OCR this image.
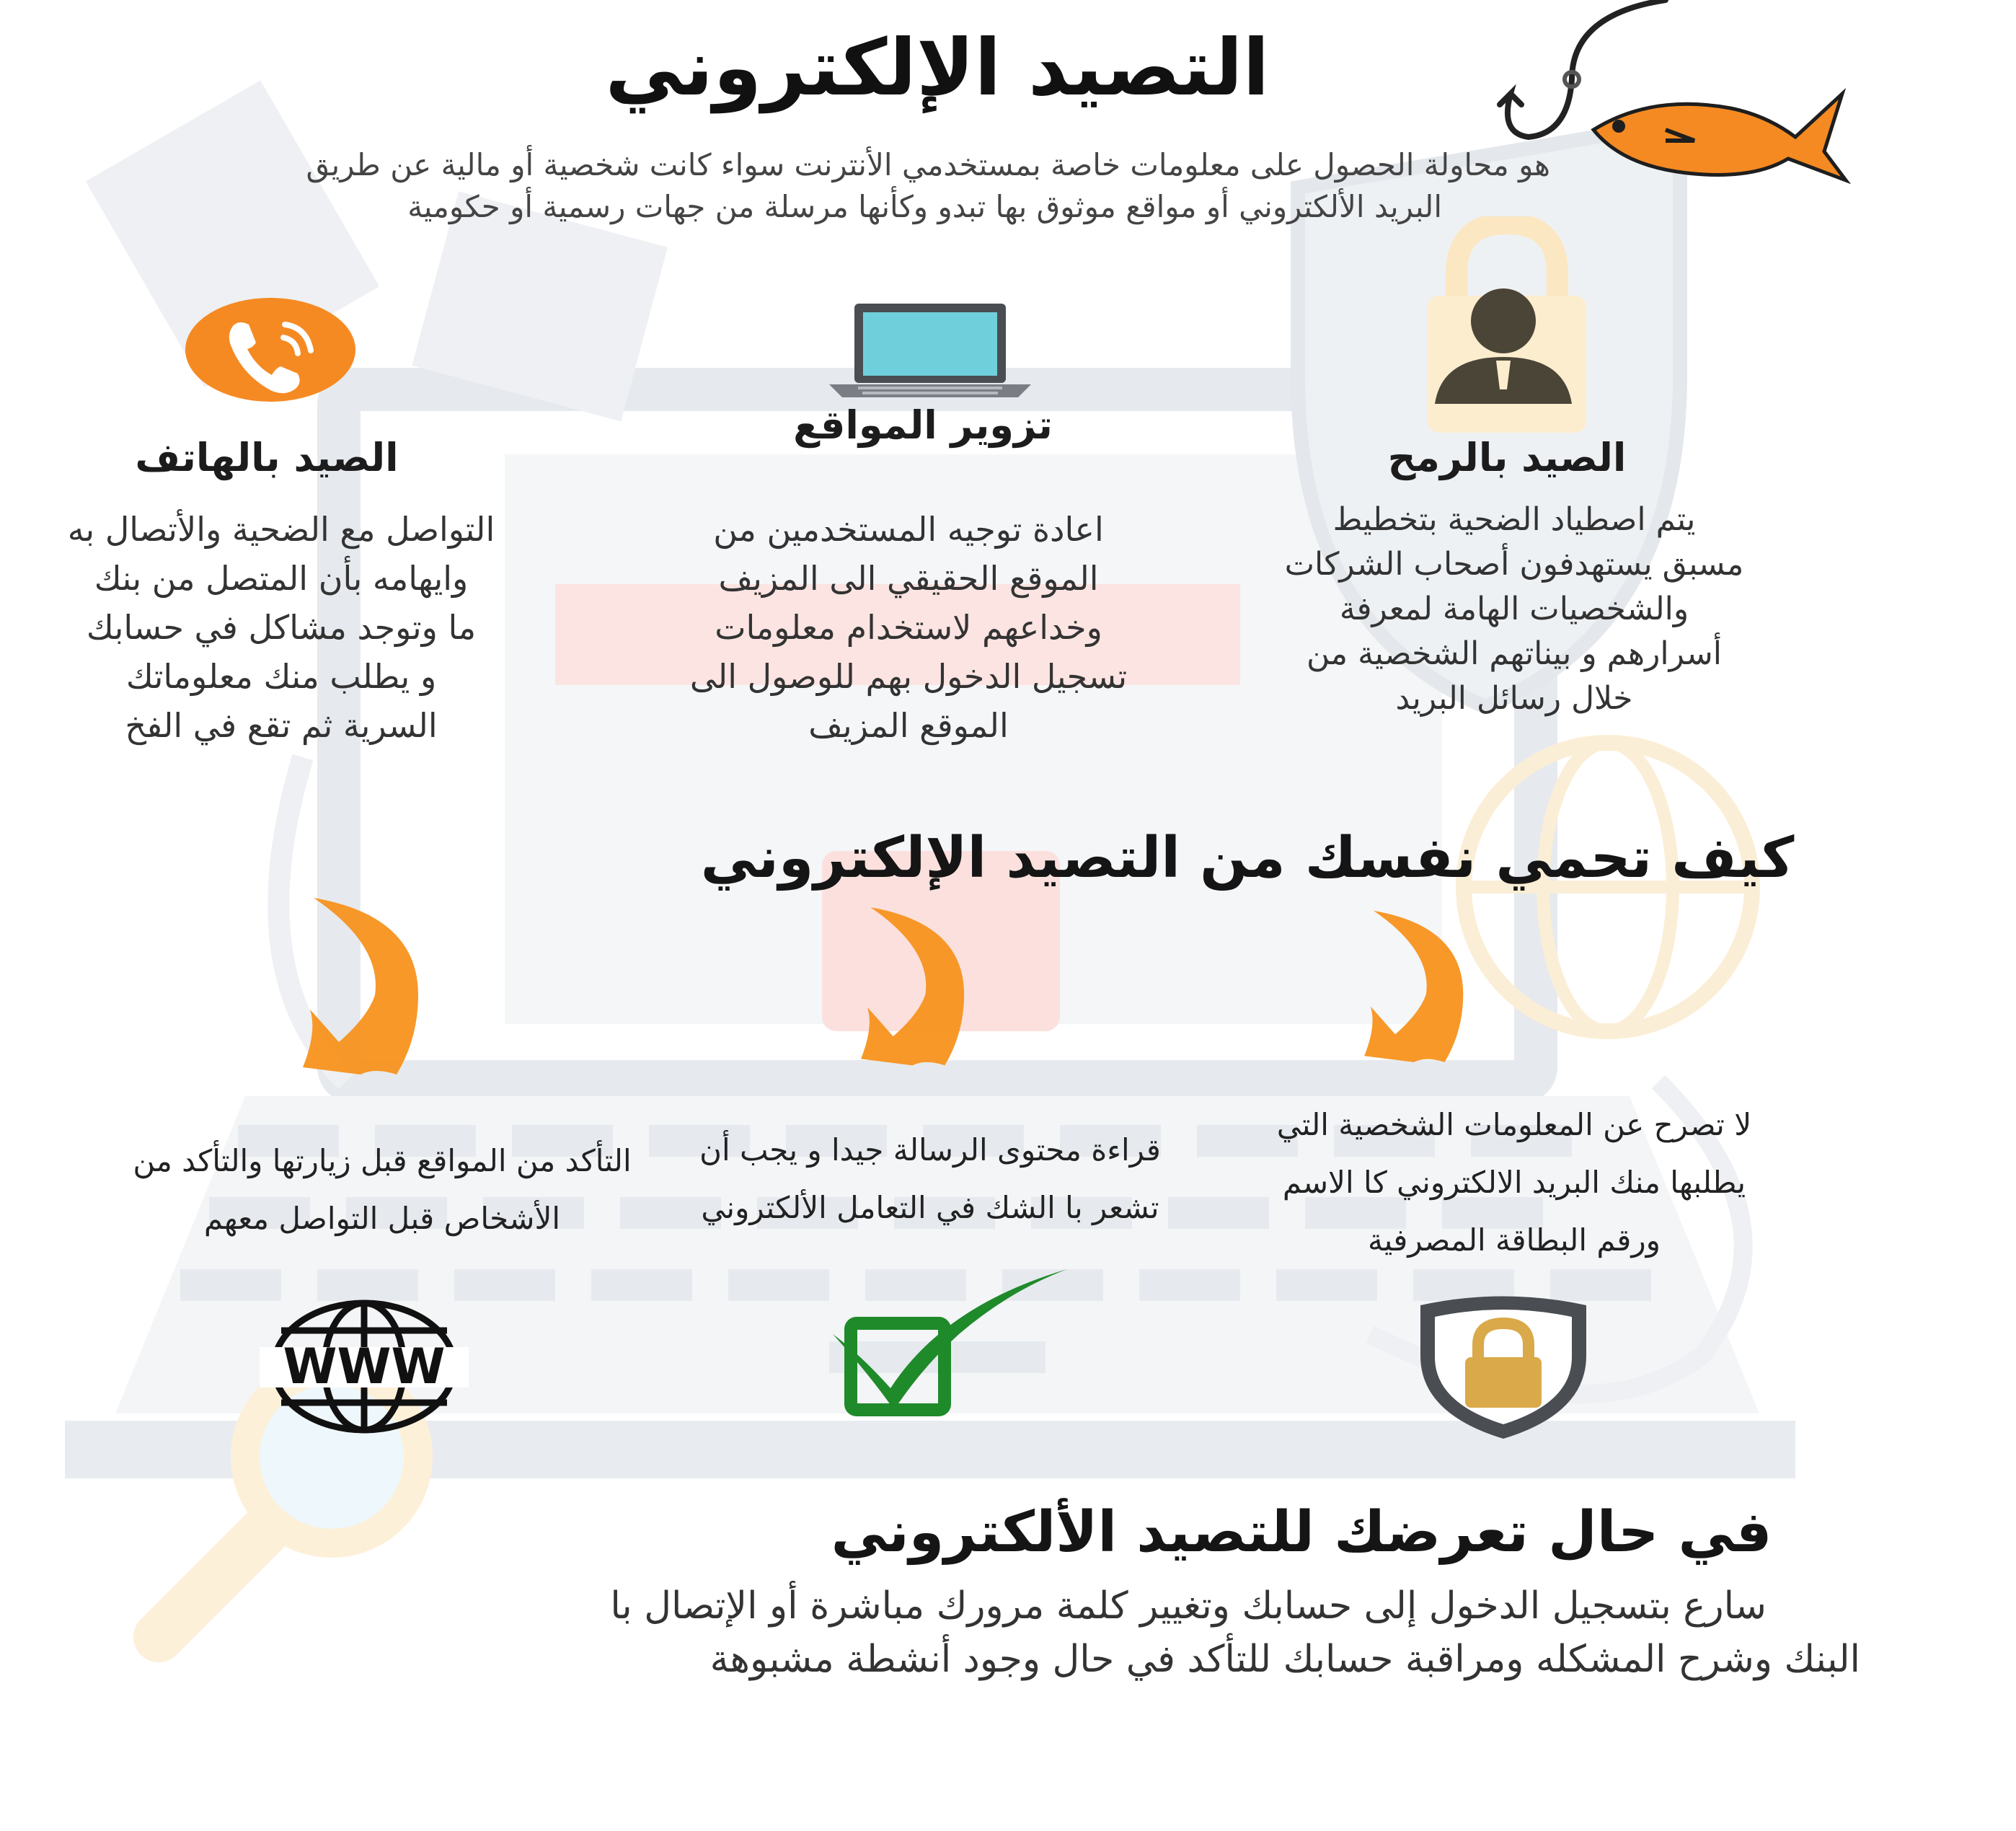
التصيد الإلكتروني
هو محاولة الحصول على معلومات خاصة بمستخدمي الأنترنت سواء كانت شخصية أو مالية عن طريق
البريد الألكتروني أو مواقع موثوق بها تبدو وكأنها مرسلة من جهات رسمية أو حكومية
الصيد بالهاتف
التواصل مع الضحية والأتصال به
وايهامه بأن المتصل من بنك
ما وتوجد مشاكل في حسابك
و يطلب منك معلوماتك
السرية ثم تقع في الفخ
تزوير المواقع
اعادة توجيه المستخدمين من
الموقع الحقيقي الى المزيف
وخداعهم لاستخدام معلومات
تسجيل الدخول بهم للوصول الى
الموقع المزيف
الصيد بالرمح
يتم اصطياد الضحية بتخطيط
مسبق يستهدفون أصحاب الشركات
والشخصيات الهامة لمعرفة
أسرارهم و بيناتهم الشخصية من
خلال رسائل البريد
كيف تحمي نفسك من التصيد الإلكتروني
التأكد من المواقع قبل زيارتها والتأكد من
الأشخاص قبل التواصل معهم
قراءة محتوى الرسالة جيدا و يجب أن
تشعر با الشك في التعامل الألكتروني
لا تصرح عن المعلومات الشخصية التي
يطلبها منك البريد الالكتروني كا الاسم
ورقم البطاقة المصرفية
WWW
في حال تعرضك للتصيد الألكتروني
سارع بتسجيل الدخول إلى حسابك وتغيير كلمة مرورك مباشرة أو الإتصال با
البنك وشرح المشكله ومراقبة حسابك للتأكد في حال وجود أنشطة مشبوهة
